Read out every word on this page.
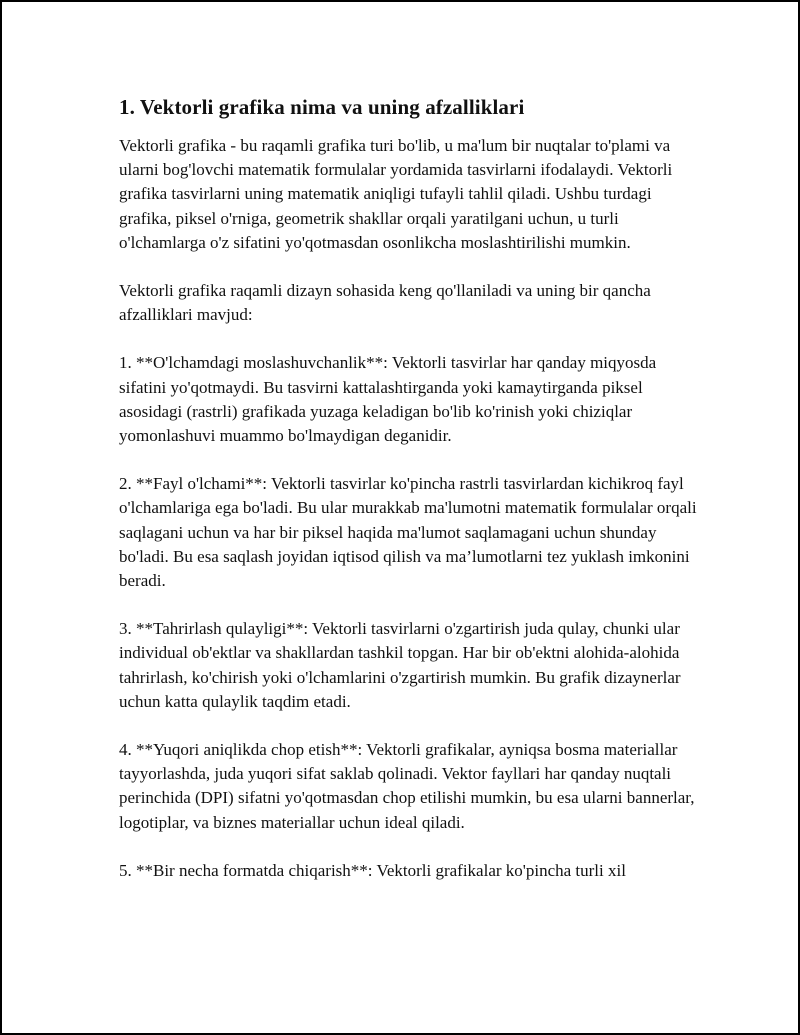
1. Vektorli grafika nima va uning afzalliklari

Vektorli grafika - bu raqamli grafika turi bo'lib, u ma'lum bir nuqtalar to'plami va ularni bog'lovchi matematik formulalar yordamida tasvirlarni ifodalaydi. Vektorli grafika tasvirlarni uning matematik aniqligi tufayli tahlil qiladi. Ushbu turdagi grafika, piksel o'rniga, geometrik shakllar orqali yaratilgani uchun, u turli o'lchamlarga o'z sifatini yo'qotmasdan osonlikcha moslashtirilishi mumkin.

Vektorli grafika raqamli dizayn sohasida keng qo'llaniladi va uning bir qancha afzalliklari mavjud:

1. **O'lchamdagi moslashuvchanlik**: Vektorli tasvirlar har qanday miqyosda sifatini yo'qotmaydi. Bu tasvirni kattalashtirganda yoki kamaytirganda piksel asosidagi (rastrli) grafikada yuzaga keladigan bo'lib ko'rinish yoki chiziqlar yomonlashuvi muammo bo'lmaydigan deganidir.

2. **Fayl o'lchami**: Vektorli tasvirlar ko'pincha rastrli tasvirlardan kichikroq fayl o'lchamlariga ega bo'ladi. Bu ular murakkab ma'lumotni matematik formulalar orqali saqlagani uchun va har bir piksel haqida ma'lumot saqlamagani uchun shunday bo'ladi. Bu esa saqlash joyidan iqtisod qilish va ma’lumotlarni tez yuklash imkonini beradi.

3. **Tahrirlash qulayligi**: Vektorli tasvirlarni o'zgartirish juda qulay, chunki ular individual ob'ektlar va shakllardan tashkil topgan. Har bir ob'ektni alohida-alohida tahrirlash, ko'chirish yoki o'lchamlarini o'zgartirish mumkin. Bu grafik dizaynerlar uchun katta qulaylik taqdim etadi.

4. **Yuqori aniqlikda chop etish**: Vektorli grafikalar, ayniqsa bosma materiallar tayyorlashda, juda yuqori sifat saklab qolinadi. Vektor fayllari har qanday nuqtali perinchida (DPI) sifatni yo'qotmasdan chop etilishi mumkin, bu esa ularni bannerlar, logotiplar, va biznes materiallar uchun ideal qiladi.

5. **Bir necha formatda chiqarish**: Vektorli grafikalar ko'pincha turli xil
